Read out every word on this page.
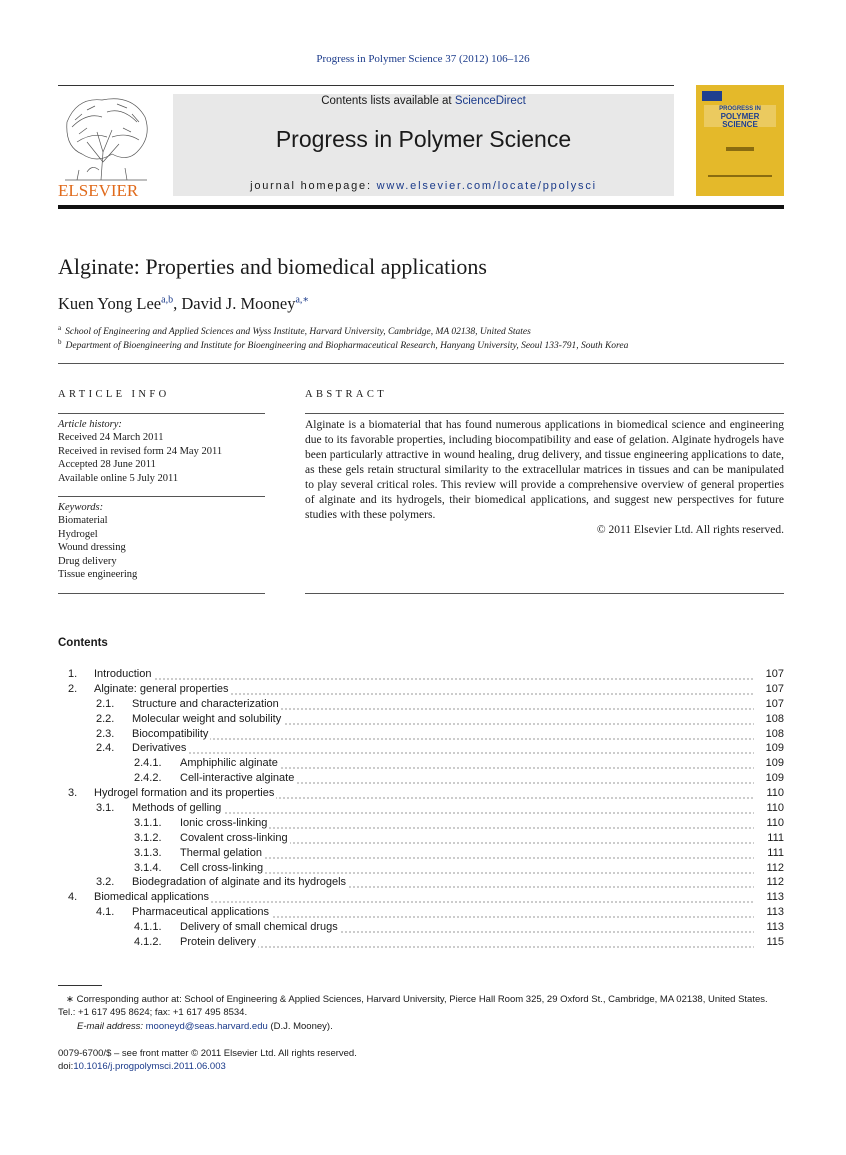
Progress in Polymer Science 37 (2012) 106–126
ELSEVIER
Contents lists available at ScienceDirect
Progress in Polymer Science
journal homepage: www.elsevier.com/locate/ppolysci
PROGRESS IN
POLYMER
SCIENCE
Alginate: Properties and biomedical applications
Kuen Yong Lee$^{a,b}$, David J. Mooney$^{a,∗}$
$^a$ School of Engineering and Applied Sciences and Wyss Institute, Harvard University, Cambridge, MA 02138, United States
$^b$ Department of Bioengineering and Institute for Bioengineering and Biopharmaceutical Research, Hanyang University, Seoul 133-791, South Korea
ARTICLE INFO
Article history:
Received 24 March 2011
Received in revised form 24 May 2011
Accepted 28 June 2011
Available online 5 July 2011
Keywords:
Biomaterial
Hydrogel
Wound dressing
Drug delivery
Tissue engineering
ABSTRACT
Alginate is a biomaterial that has found numerous applications in biomedical science and engineering due to its favorable properties, including biocompatibility and ease of gelation. Alginate hydrogels have been particularly attractive in wound healing, drug delivery, and tissue engineering applications to date, as these gels retain structural similarity to the extracellular matrices in tissues and can be manipulated to play several critical roles. This review will provide a comprehensive overview of general properties of alginate and its hydrogels, their biomedical applications, and suggest new perspectives for future studies with these polymers.
© 2011 Elsevier Ltd. All rights reserved.
Contents
1. Introduction	107
2. Alginate: general properties	107
2.1. Structure and characterization	107
2.2. Molecular weight and solubility	108
2.3. Biocompatibility	108
2.4. Derivatives	109
2.4.1. Amphiphilic alginate	109
2.4.2. Cell-interactive alginate	109
3. Hydrogel formation and its properties	110
3.1. Methods of gelling	110
3.1.1. Ionic cross-linking	110
3.1.2. Covalent cross-linking	111
3.1.3. Thermal gelation	111
3.1.4. Cell cross-linking	112
3.2. Biodegradation of alginate and its hydrogels	112
4. Biomedical applications	113
4.1. Pharmaceutical applications	113
4.1.1. Delivery of small chemical drugs	113
4.1.2. Protein delivery	115
∗ Corresponding author at: School of Engineering & Applied Sciences, Harvard University, Pierce Hall Room 325, 29 Oxford St., Cambridge, MA 02138, United States. Tel.: +1 617 495 8624; fax: +1 617 495 8534.
E-mail address: mooneyd@seas.harvard.edu (D.J. Mooney).
0079-6700/$ – see front matter © 2011 Elsevier Ltd. All rights reserved.
doi:10.1016/j.progpolymsci.2011.06.003
